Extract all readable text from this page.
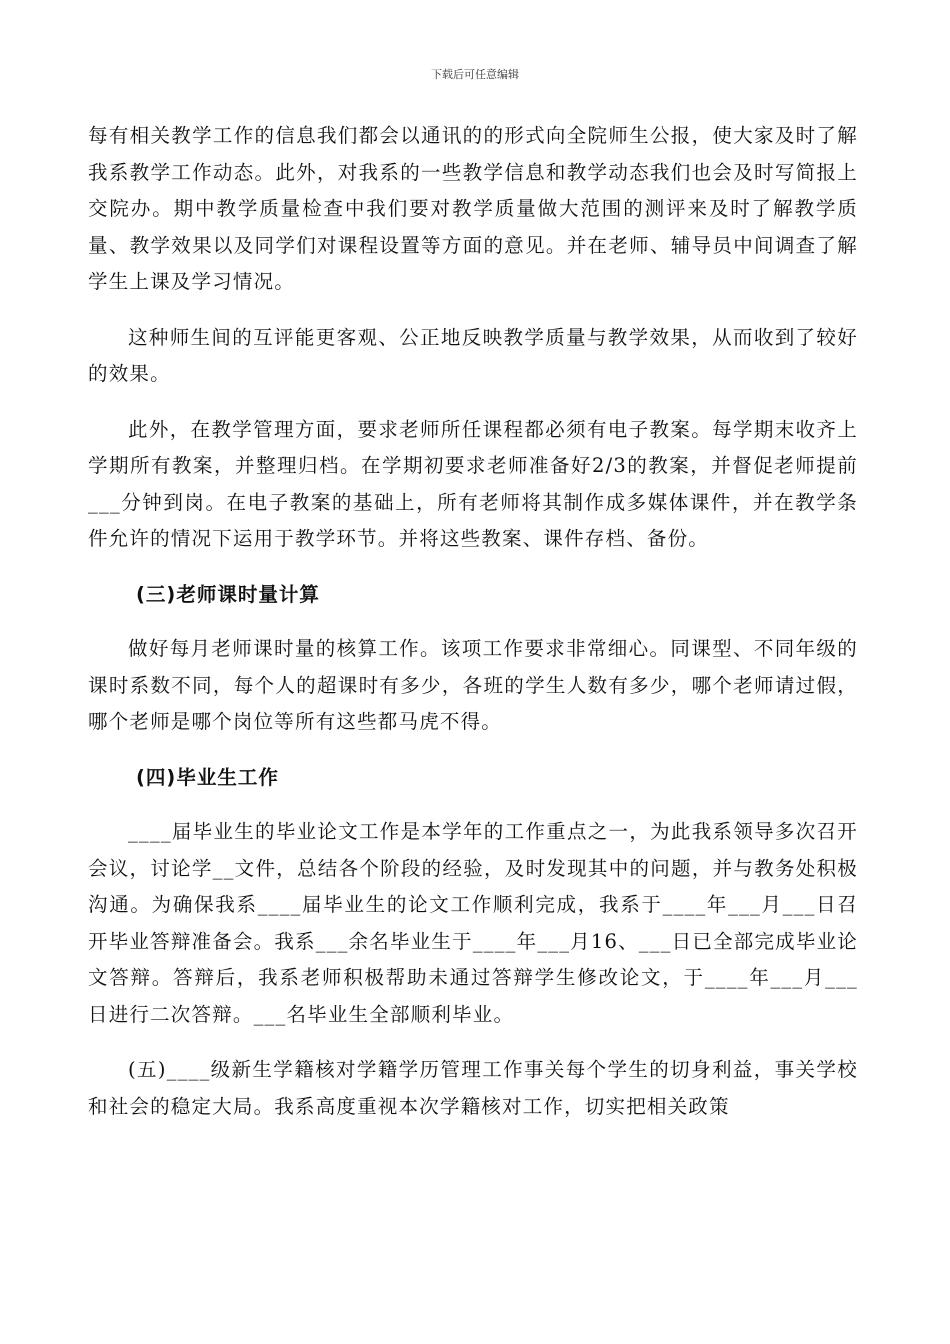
下载后可任意编辑

每有相关教学工作的信息我们都会以通讯的的形式向全院师生公报，使大家及时了解我系教学工作动态。此外，对我系的一些教学信息和教学动态我们也会及时写简报上交院办。期中教学质量检查中我们要对教学质量做大范围的测评来及时了解教学质量、教学效果以及同学们对课程设置等方面的意见。并在老师、辅导员中间调查了解学生上课及学习情况。

这种师生间的互评能更客观、公正地反映教学质量与教学效果，从而收到了较好的效果。

此外，在教学管理方面，要求老师所任课程都必须有电子教案。每学期末收齐上学期所有教案，并整理归档。在学期初要求老师准备好2/3的教案，并督促老师提前___分钟到岗。在电子教案的基础上，所有老师将其制作成多媒体课件，并在教学条件允许的情况下运用于教学环节。并将这些教案、课件存档、备份。

(三)老师课时量计算

做好每月老师课时量的核算工作。该项工作要求非常细心。同课型、不同年级的课时系数不同，每个人的超课时有多少，各班的学生人数有多少，哪个老师请过假，哪个老师是哪个岗位等所有这些都马虎不得。

(四)毕业生工作

____届毕业生的毕业论文工作是本学年的工作重点之一，为此我系领导多次召开会议，讨论学__文件，总结各个阶段的经验，及时发现其中的问题，并与教务处积极沟通。为确保我系____届毕业生的论文工作顺利完成，我系于____年___月___日召开毕业答辩准备会。我系___余名毕业生于____年___月16、___日已全部完成毕业论文答辩。答辩后，我系老师积极帮助未通过答辩学生修改论文，于____年___月___日进行二次答辩。___名毕业生全部顺利毕业。

(五)____级新生学籍核对学籍学历管理工作事关每个学生的切身利益，事关学校和社会的稳定大局。我系高度重视本次学籍核对工作，切实把相关政策
